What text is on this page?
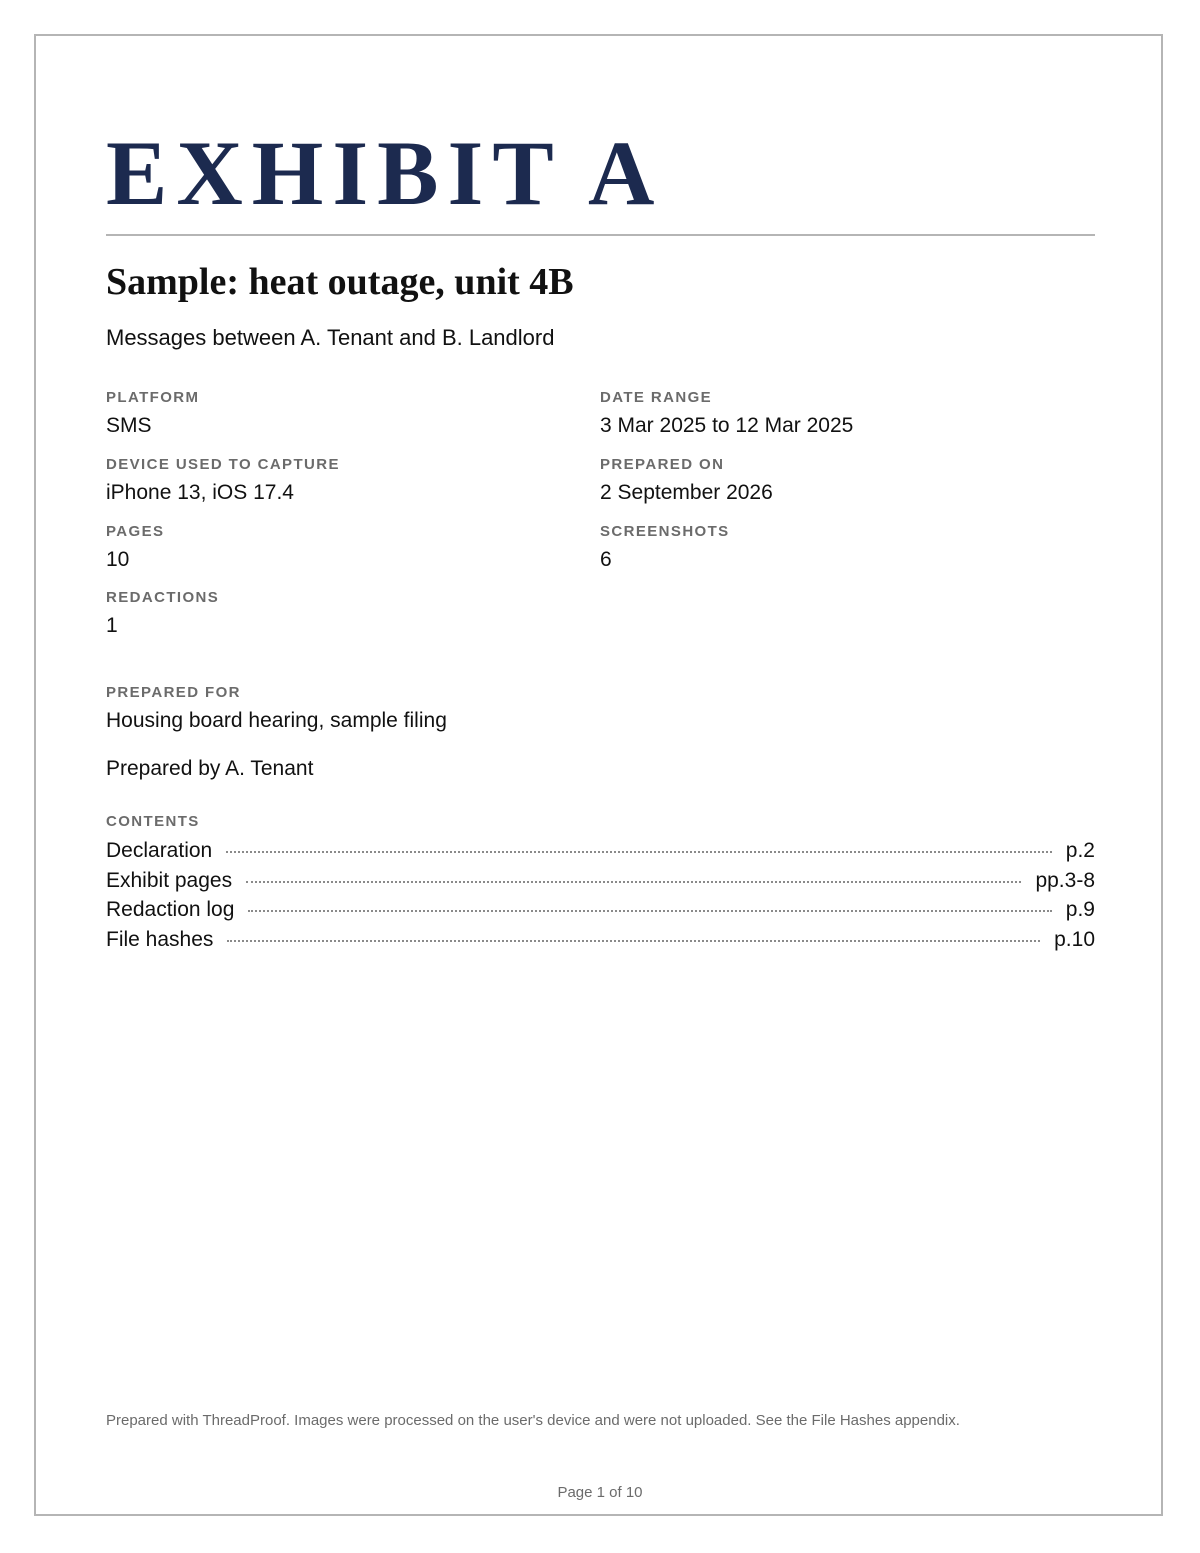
EXHIBIT A
Sample: heat outage, unit 4B
Messages between A. Tenant and B. Landlord
PLATFORM
SMS
DATE RANGE
3 Mar 2025 to 12 Mar 2025
DEVICE USED TO CAPTURE
iPhone 13, iOS 17.4
PREPARED ON
2 September 2026
PAGES
10
SCREENSHOTS
6
REDACTIONS
1
PREPARED FOR
Housing board hearing, sample filing
Prepared by A. Tenant
CONTENTS
Declaration	p.2
Exhibit pages	pp.3-8
Redaction log	p.9
File hashes	p.10
Prepared with ThreadProof. Images were processed on the user's device and were not uploaded. See the File Hashes appendix.
Page 1 of 10
